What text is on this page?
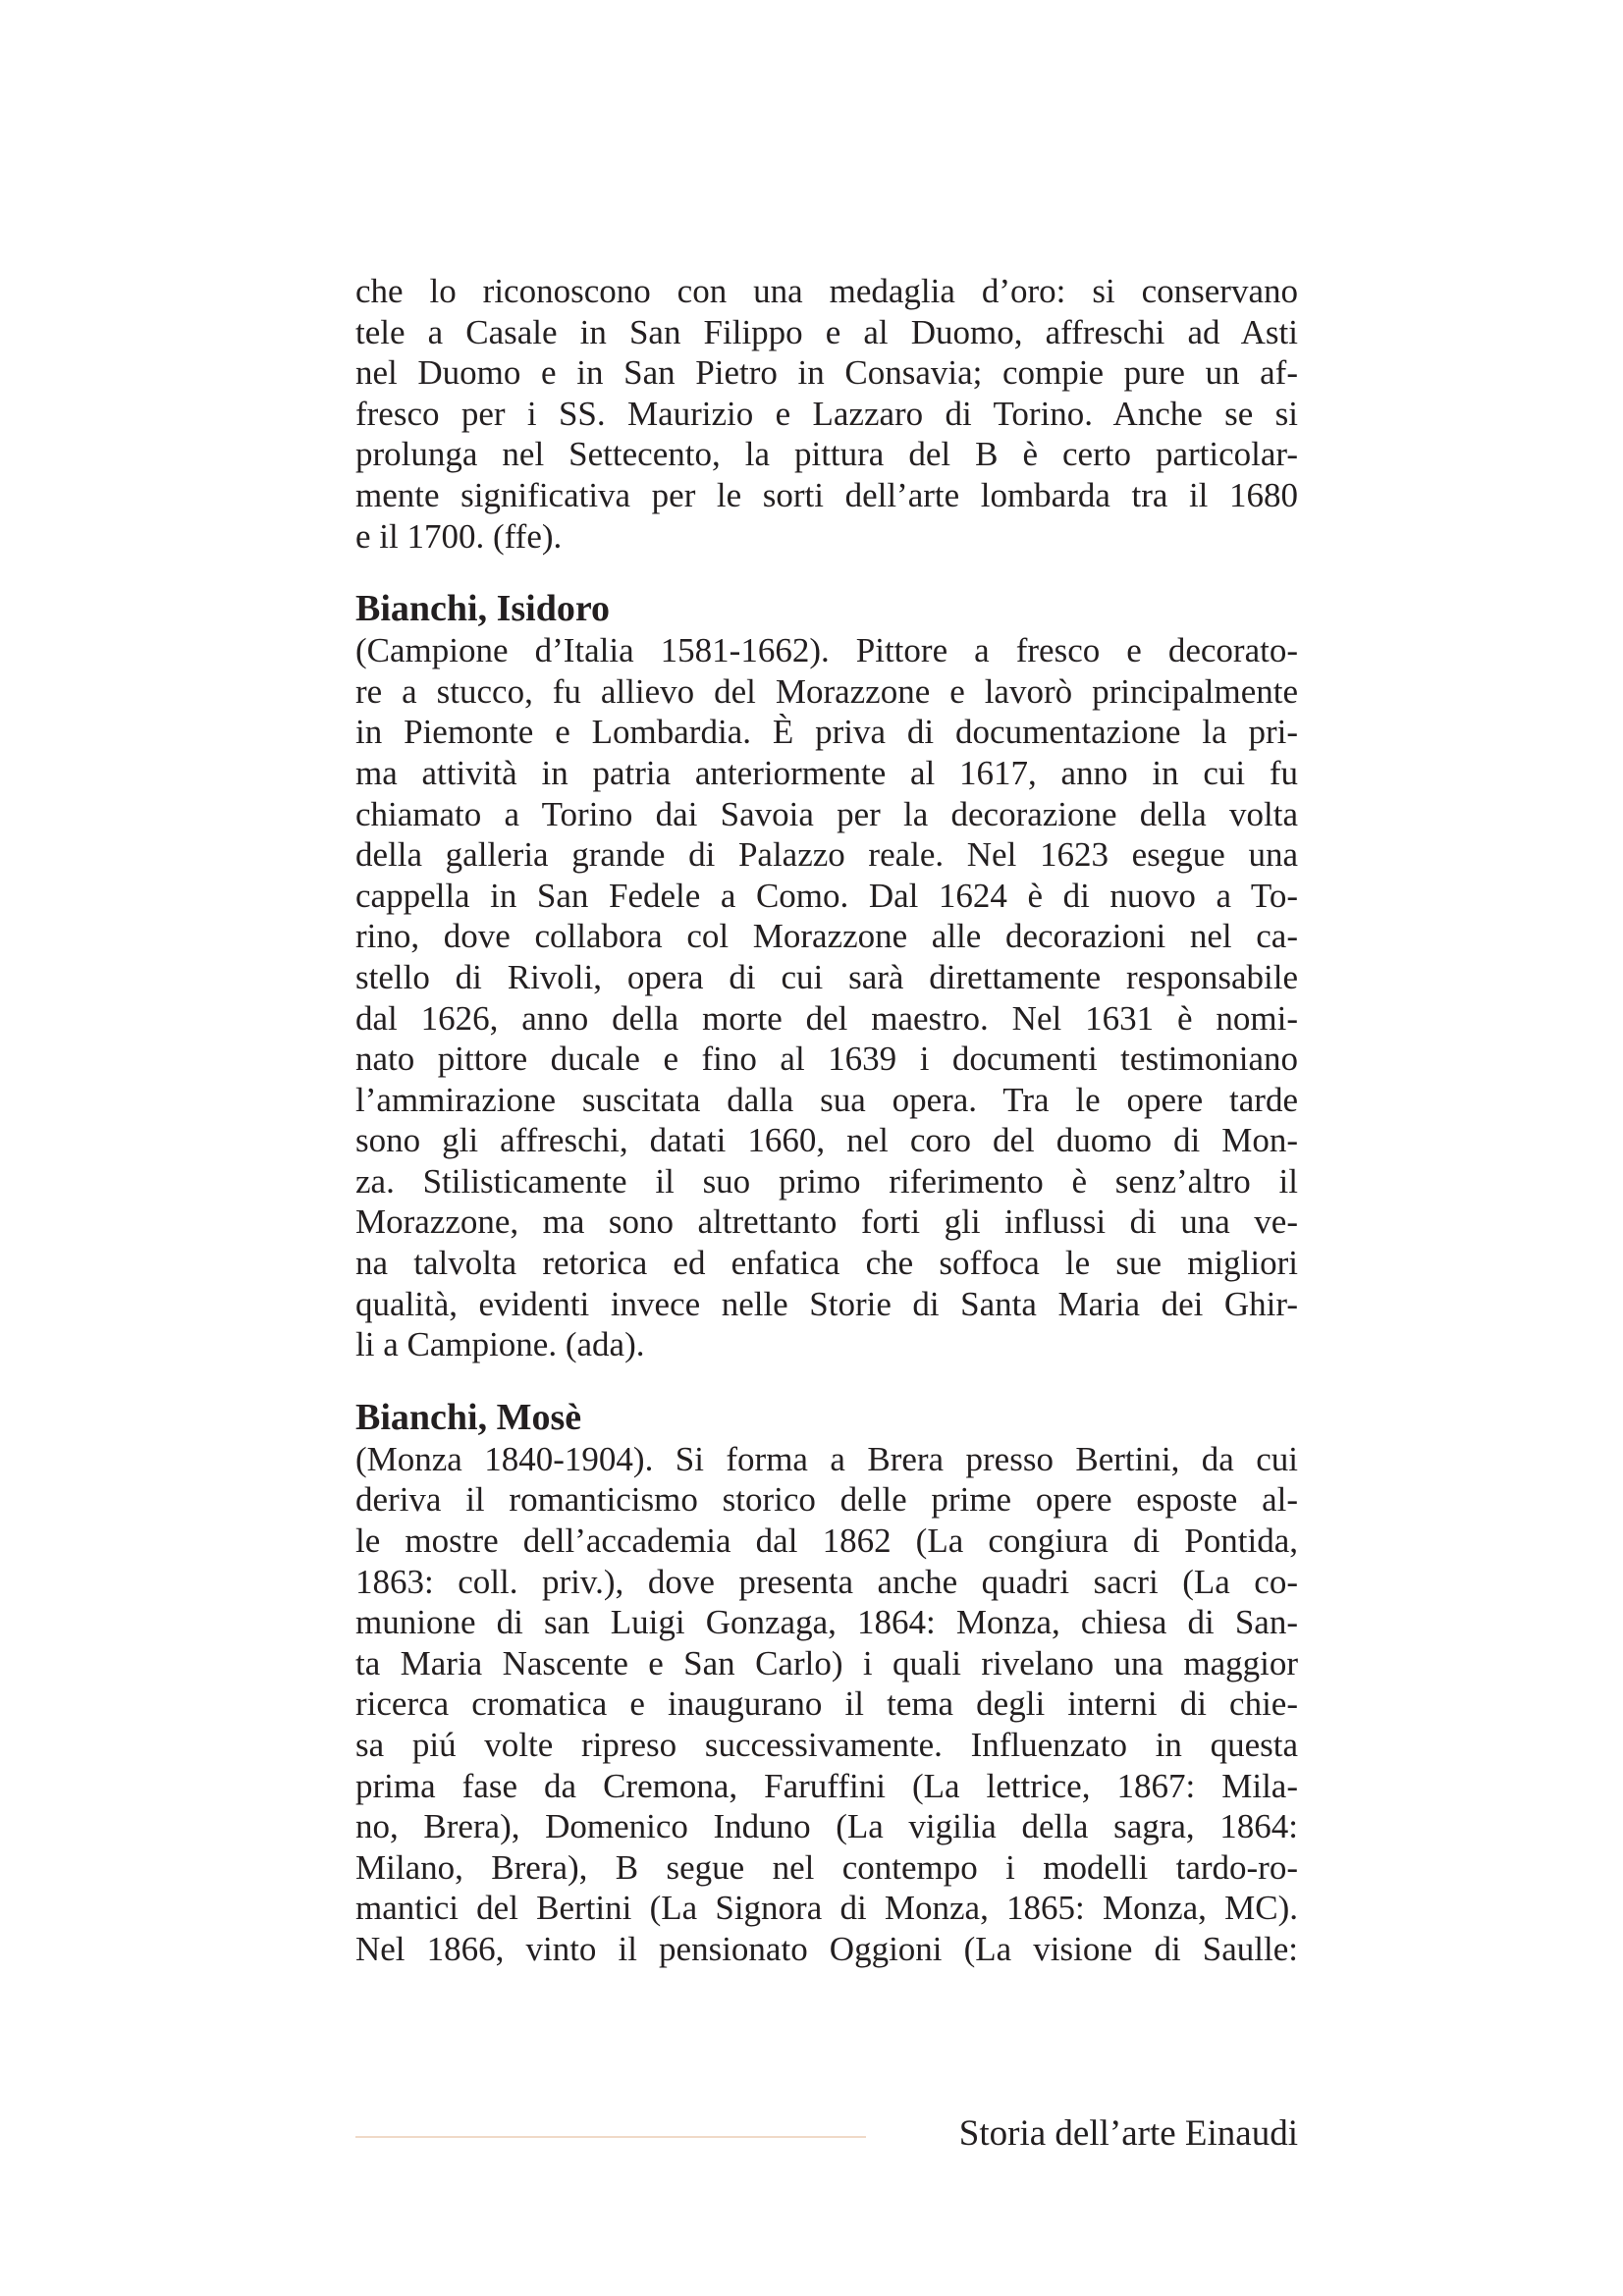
che lo riconoscono con una medaglia d’oro: si conservano
tele a Casale in San Filippo e al Duomo, affreschi ad Asti
nel Duomo e in San Pietro in Consavia; compie pure un af-
fresco per i SS. Maurizio e Lazzaro di Torino. Anche se si
prolunga nel Settecento, la pittura del B è certo particolar-
mente significativa per le sorti dell’arte lombarda tra il 1680
e il 1700. (ffe).
Bianchi, Isidoro
(Campione d’Italia 1581-1662). Pittore a fresco e decorato-
re a stucco, fu allievo del Morazzone e lavorò principalmente
in Piemonte e Lombardia. È priva di documentazione la pri-
ma attività in patria anteriormente al 1617, anno in cui fu
chiamato a Torino dai Savoia per la decorazione della volta
della galleria grande di Palazzo reale. Nel 1623 esegue una
cappella in San Fedele a Como. Dal 1624 è di nuovo a To-
rino, dove collabora col Morazzone alle decorazioni nel ca-
stello di Rivoli, opera di cui sarà direttamente responsabile
dal 1626, anno della morte del maestro. Nel 1631 è nomi-
nato pittore ducale e fino al 1639 i documenti testimoniano
l’ammirazione suscitata dalla sua opera. Tra le opere tarde
sono gli affreschi, datati 1660, nel coro del duomo di Mon-
za. Stilisticamente il suo primo riferimento è senz’altro il
Morazzone, ma sono altrettanto forti gli influssi di una ve-
na talvolta retorica ed enfatica che soffoca le sue migliori
qualità, evidenti invece nelle Storie di Santa Maria dei Ghir-
li a Campione. (ada).
Bianchi, Mosè
(Monza 1840-1904). Si forma a Brera presso Bertini, da cui
deriva il romanticismo storico delle prime opere esposte al-
le mostre dell’accademia dal 1862 (La congiura di Pontida,
1863: coll. priv.), dove presenta anche quadri sacri (La co-
munione di san Luigi Gonzaga, 1864: Monza, chiesa di San-
ta Maria Nascente e San Carlo) i quali rivelano una maggior
ricerca cromatica e inaugurano il tema degli interni di chie-
sa piú volte ripreso successivamente. Influenzato in questa
prima fase da Cremona, Faruffini (La lettrice, 1867: Mila-
no, Brera), Domenico Induno (La vigilia della sagra, 1864:
Milano, Brera), B segue nel contempo i modelli tardo-ro-
mantici del Bertini (La Signora di Monza, 1865: Monza, MC).
Nel 1866, vinto il pensionato Oggioni (La visione di Saulle:
Storia dell’arte Einaudi
